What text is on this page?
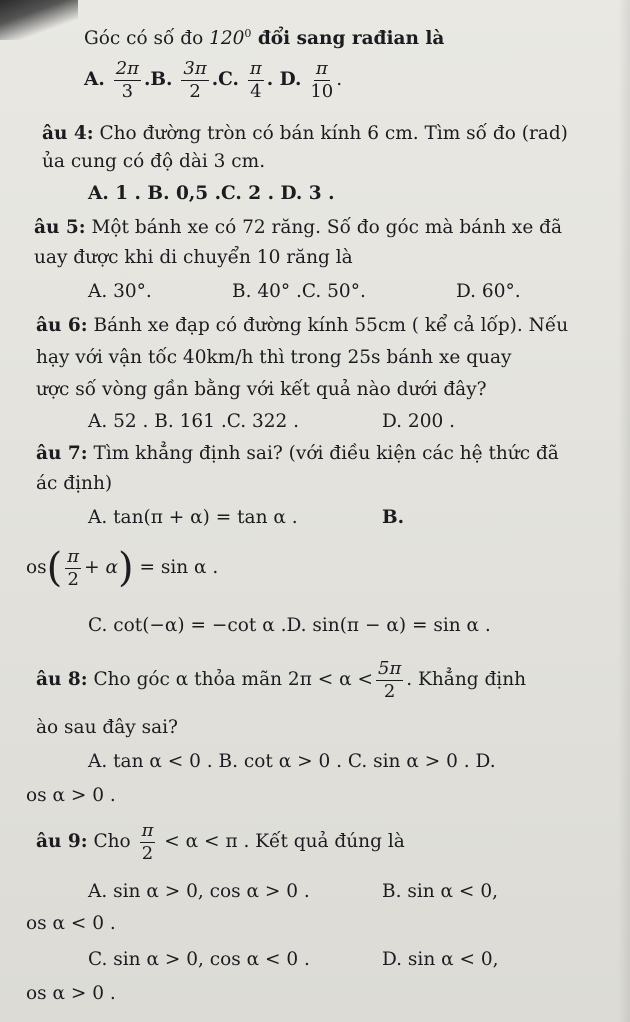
Góc có số đo $120^0$ đổi sang rađian là
A. $\frac{2\pi}{3} .B$. $\frac{3\pi}{2} .C$. $\frac{\pi}{4}$ . D. $\frac{\pi}{10}$ .
âu 4: Cho đường tròn có bán kính 6 cm. Tìm số đo (rad)
ủa cung có độ dài 3 cm.
A. 1 . B. 0,5 .C. 2 . D. 3 .
âu 5: Một bánh xe có 72 răng. Số đo góc mà bánh xe đã
uay được khi di chuyển 10 răng là
A. 30°.	B. 40° .C. 50°.	D. 60°.
âu 6: Bánh xe đạp có đường kính 55cm ( kể cả lốp). Nếu
hạy với vận tốc 40km/h thì trong 25s bánh xe quay
ược số vòng gần bằng với kết quả nào dưới đây?
A. 52 . B. 161 .C. 322 .	D. 200 .
âu 7: Tìm khẳng định sai? (với điều kiện các hệ thức đã
ác định)
A. tan(π + α) = tan α .	B.
$os( \frac{\pi}{2} + \alpha) = \sin \alpha$ .
C. cot(−α) = −cot α .D. sin(π − α) = sin α .
âu 8: Cho góc α thỏa mãn $2\pi < \alpha < \frac{5\pi}{2}$ . Khẳng định
ào sau đây sai?
A. tan α < 0 . B. cot α > 0 . C. sin α > 0 . D.
os α > 0 .
âu 9: Cho $\frac{\pi}{2} < \alpha < \pi$ . Kết quả đúng là
A. sin α > 0, cos α > 0 .	B. sin α < 0,
os α < 0 .
C. sin α > 0, cos α < 0 .	D. sin α < 0,
os α > 0 .
